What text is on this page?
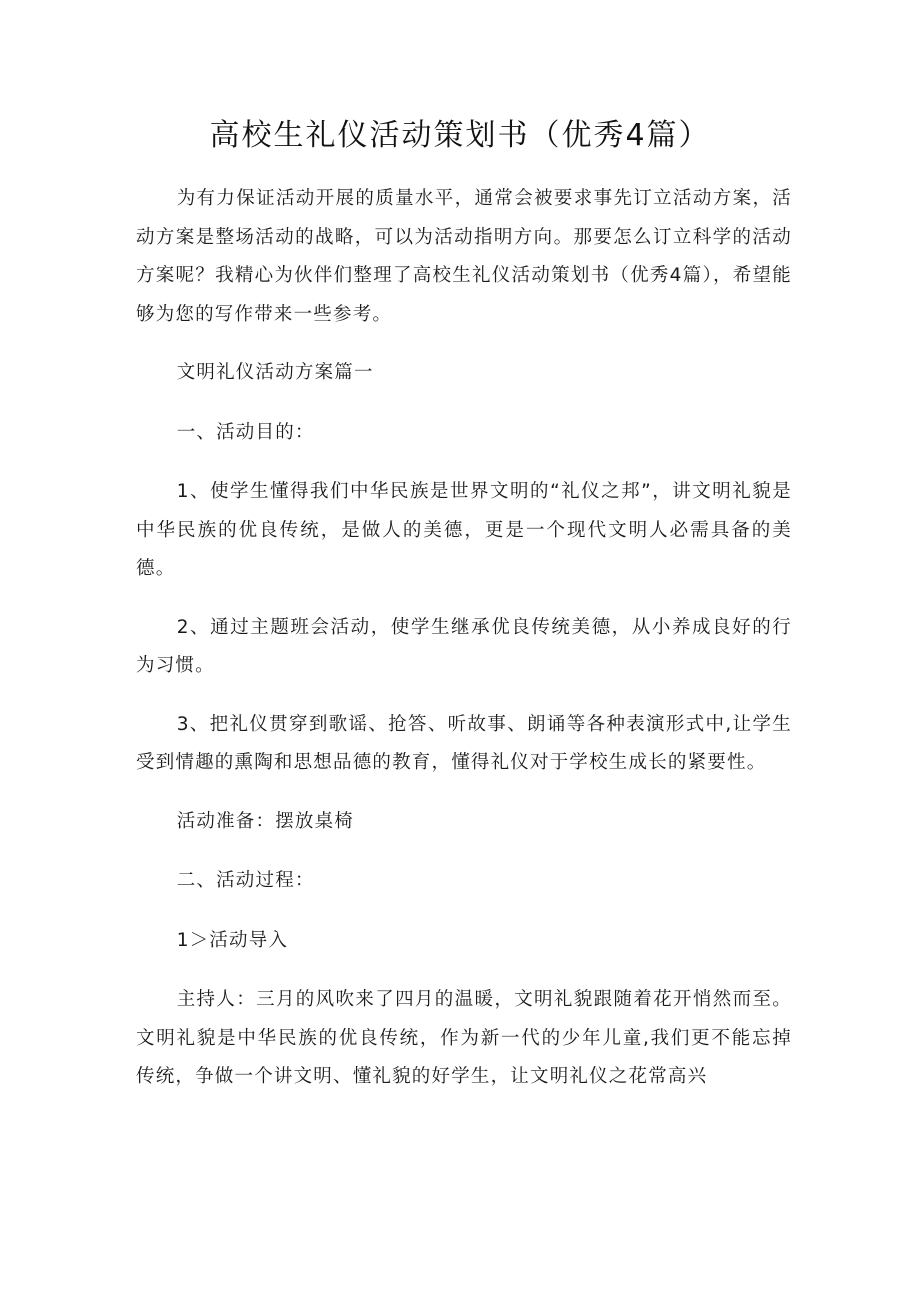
高校生礼仪活动策划书（优秀4篇）

为有力保证活动开展的质量水平，通常会被要求事先订立活动方案，活动方案是整场活动的战略，可以为活动指明方向。那要怎么订立科学的活动方案呢？我精心为伙伴们整理了高校生礼仪活动策划书（优秀4篇），希望能够为您的写作带来一些参考。

文明礼仪活动方案篇一

一、活动目的：

1、使学生懂得我们中华民族是世界文明的“礼仪之邦”，讲文明礼貌是中华民族的优良传统，是做人的美德，更是一个现代文明人必需具备的美德。

2、通过主题班会活动，使学生继承优良传统美德，从小养成良好的行为习惯。

3、把礼仪贯穿到歌谣、抢答、听故事、朗诵等各种表演形式中,让学生受到情趣的熏陶和思想品德的教育，懂得礼仪对于学校生成长的紧要性。

活动准备：摆放桌椅

二、活动过程：

1＞活动导入

主持人：三月的风吹来了四月的温暖，文明礼貌跟随着花开悄然而至。文明礼貌是中华民族的优良传统，作为新一代的少年儿童,我们更不能忘掉传统，争做一个讲文明、懂礼貌的好学生，让文明礼仪之花常高兴
